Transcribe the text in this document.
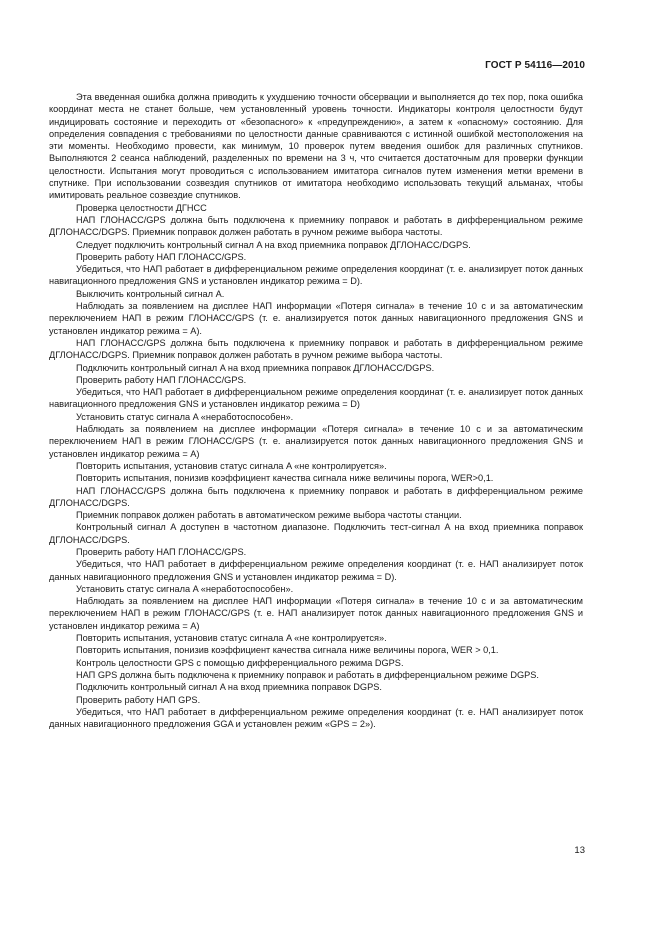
ГОСТ Р 54116—2010

Эта введенная ошибка должна приводить к ухудшению точности обсервации и выполняется до тех пор, пока ошибка координат места не станет больше, чем установленный уровень точности. Индикаторы контроля целостности будут индицировать состояние и переходить от «безопасного» к «предупреждению», а затем к «опасному» состоянию. Для определения совпадения с требованиями по целостности данные сравниваются с истинной ошибкой местоположения на эти моменты. Необходимо провести, как минимум, 10 проверок путем введения ошибок для различных спутников. Выполняются 2 сеанса наблюдений, разделенных по времени на 3 ч, что считается достаточным для проверки функции целостности. Испытания могут проводиться с использованием имитатора сигналов путем изменения метки времени в спутнике. При использовании созвездия спутников от имитатора необходимо использовать текущий альманах, чтобы имитировать реальное созвездие спутников.

Проверка целостности ДГНСС

НАП ГЛОНАСС/GPS должна быть подключена к приемнику поправок и работать в дифференциальном режиме ДГЛОНАСС/DGPS. Приемник поправок должен работать в ручном режиме выбора частоты.

Следует подключить контрольный сигнал A на вход приемника поправок ДГЛОНАСС/DGPS.

Проверить работу НАП ГЛОНАСС/GPS.

Убедиться, что НАП работает в дифференциальном режиме определения координат (т. е. анализирует поток данных навигационного предложения GNS и установлен индикатор режима = D).

Выключить контрольный сигнал A.

Наблюдать за появлением на дисплее НАП информации «Потеря сигнала» в течение 10 с и за автоматическим переключением НАП в режим ГЛОНАСС/GPS (т. е. анализируется поток данных навигационного предложения GNS и установлен индикатор режима = A).

НАП ГЛОНАСС/GPS должна быть подключена к приемнику поправок и работать в дифференциальном режиме ДГЛОНАСС/DGPS. Приемник поправок должен работать в ручном режиме выбора частоты.

Подключить контрольный сигнал A на вход приемника поправок ДГЛОНАСС/DGPS.

Проверить работу НАП ГЛОНАСС/GPS.

Убедиться, что НАП работает в дифференциальном режиме определения координат (т. е. анализирует поток данных навигационного предложения GNS и установлен индикатор режима = D)

Установить статус сигнала A «неработоспособен».

Наблюдать за появлением на дисплее информации «Потеря сигнала» в течение 10 с и за автоматическим переключением НАП в режим ГЛОНАСС/GPS (т. е. анализируется поток данных навигационного предложения GNS и установлен индикатор режима = A)

Повторить испытания, установив статус сигнала A «не контролируется».

Повторить испытания, понизив коэффициент качества сигнала ниже величины порога, WER>0,1.

НАП ГЛОНАСС/GPS должна быть подключена к приемнику поправок и работать в дифференциальном режиме ДГЛОНАСС/DGPS.

Приемник поправок должен работать в автоматическом режиме выбора частоты станции.

Контрольный сигнал A доступен в частотном диапазоне. Подключить тест-сигнал A на вход приемника поправок ДГЛОНАСС/DGPS.

Проверить работу НАП ГЛОНАСС/GPS.

Убедиться, что НАП работает в дифференциальном режиме определения координат (т. е. НАП анализирует поток данных навигационного предложения GNS и установлен индикатор режима = D).

Установить статус сигнала A «неработоспособен».

Наблюдать за появлением на дисплее НАП информации «Потеря сигнала» в течение 10 с и за автоматическим переключением НАП в режим ГЛОНАСС/GPS (т. е. НАП анализирует поток данных навигационного предложения GNS и установлен индикатор режима = A)

Повторить испытания, установив статус сигнала A «не контролируется».

Повторить испытания, понизив коэффициент качества сигнала ниже величины порога, WER > 0,1.

Контроль целостности GPS с помощью дифференциального режима DGPS.

НАП GPS должна быть подключена к приемнику поправок и работать в дифференциальном режиме DGPS.

Подключить контрольный сигнал A на вход приемника поправок DGPS.

Проверить работу НАП GPS.

Убедиться, что НАП работает в дифференциальном режиме определения координат (т. е. НАП анализирует поток данных навигационного предложения GGA и установлен режим «GPS = 2»).

13
